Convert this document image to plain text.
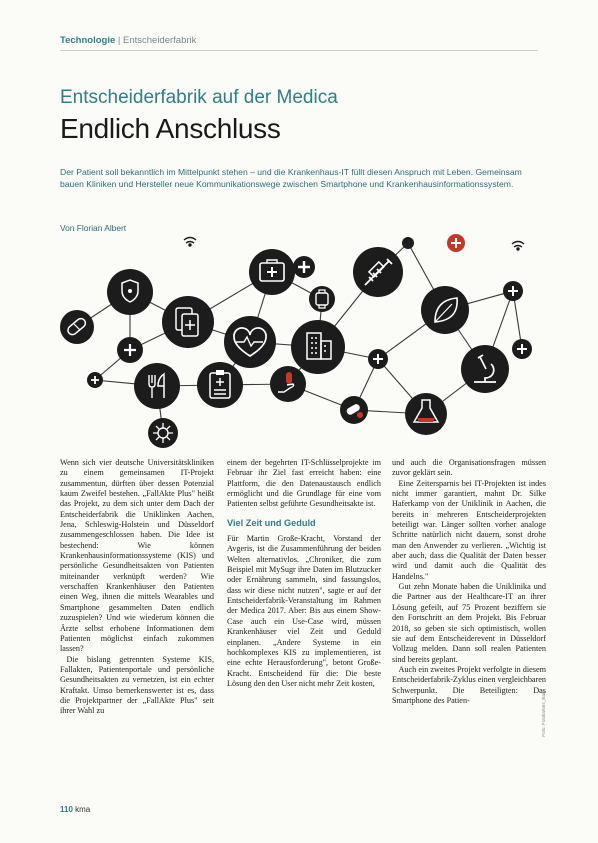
Technologie | Entscheiderfabrik
Entscheiderfabrik auf der Medica
Endlich Anschluss
Der Patient soll bekanntlich im Mittelpunkt stehen – und die Krankenhaus-IT füllt diesen Anspruch mit Leben. Gemeinsam bauen Kliniken und Hersteller neue Kommunikationswege zwischen Smartphone und Krankenhausinformationssystem.
Von Florian Albert

Wenn sich vier deutsche Universitätskliniken zu einem gemeinsamen IT-Projekt zusammentun, dürften über dessen Potenzial kaum Zweifel bestehen. „FallAkte Plus" heißt das Projekt, zu dem sich unter dem Dach der Entscheiderfabrik die Uniklinken Aachen, Jena, Schleswig-Holstein und Düsseldorf zusammengeschlossen haben. Die Idee ist bestechend: Wie können Krankenhausinformationssysteme (KIS) und persönliche Gesundheitsakten von Patienten miteinander verknüpft werden? Wie verschaffen Krankenhäuser den Patienten einen Weg, ihnen die mittels Wearables und Smartphone gesammelten Daten endlich zuzuspielen? Und wie wiederum können die Ärzte selbst erhobene Informationen dem Patienten möglichst einfach zukommen lassen?

Die bislang getrennten Systeme KIS, Fallakten, Patientenportale und persönliche Gesundheitsakten zu vernetzen, ist ein echter Kraftakt. Umso bemerkenswerter ist es, dass die Projektpartner der „FallAkte Plus" seit ihrer Wahl zu

einem der begehrten IT-Schlüsselprojekte im Februar ihr Ziel fast erreicht haben: eine Plattform, die den Datenaustausch endlich ermöglicht und die Grundlage für eine vom Patienten selbst geführte Gesundheitsakte ist.

Viel Zeit und Geduld

Für Martin Große-Kracht, Vorstand der Avgeris, ist die Zusammenführung der beiden Welten alternativlos. „Chroniker, die zum Beispiel mit MySugr ihre Daten im Blutzucker oder Ernährung sammeln, sind fassungslos, dass wir diese nicht nutzen", sagte er auf der Entscheiderfabrik-Veranstaltung im Rahmen der Medica 2017. Aber: Bis aus einem Show-Case auch ein Use-Case wird, müssen Krankenhäuser viel Zeit und Geduld einplanen. „Andere Systeme in ein hochkomplexes KIS zu implementieren, ist eine echte Herausforderung", betont Große-Kracht. Entscheidend für die: Die beste Lösung den den User nicht mehr Zeit kosten,

und auch die Organisationsfragen müssen zuvor geklärt sein.

Eine Zeitersparnis bei IT-Projekten ist indes nicht immer garantiert, mahnt Dr. Silke Haferkamp von der Uniklinik in Aachen, die bereits in mehreren Entscheiderprojekten beteiligt war. Länger sollten vorher analoge Schritte natürlich nicht dauern, sonst drohe man den Anwender zu verlieren. „Wichtig ist aber auch, dass die Qualität der Daten besser wird und damit auch die Qualität des Handelns."

Gut zehn Monate haben die Uniklinika und die Partner aus der Healthcare-IT an ihrer Lösung gefeilt, auf 75 Prozent beziffern sie den Fortschritt an dem Projekt. Bis Februar 2018, so geben sie sich optimistisch, wollen sie auf dem Entscheiderevent in Düsseldorf Vollzug melden. Dann soll realen Patienten sind bereits geplant.

Auch ein zweites Projekt verfolgte in diesem Entscheiderfabrik-Zyklus einen vergleichbaren Schwerpunkt. Die Beteiligten: Das Smartphone des Patien-	Foto: Fotolia/Mrs_Bara
110 kma
